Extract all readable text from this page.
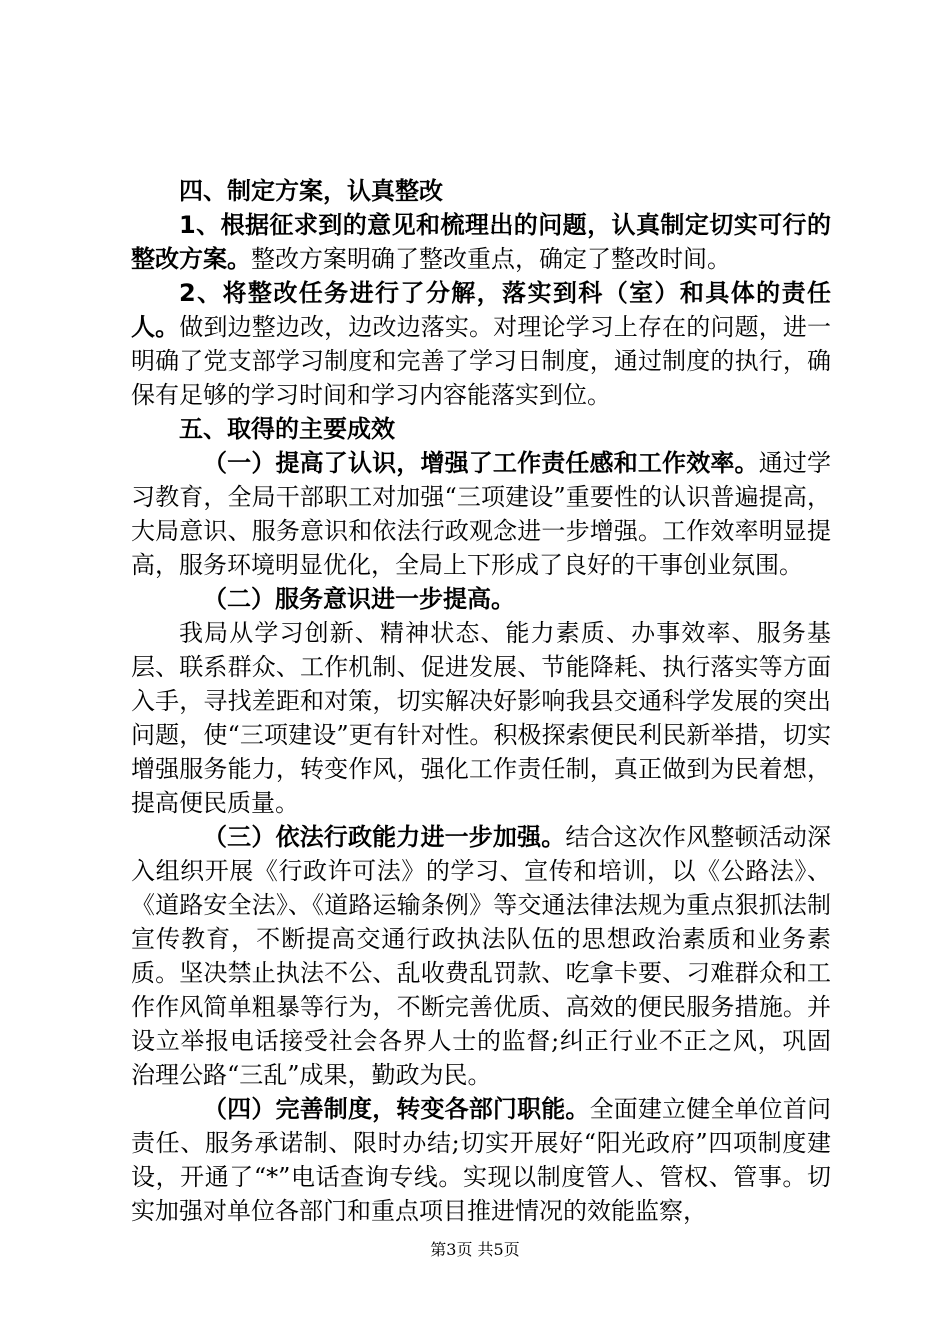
四、制定方案，认真整改

1、根据征求到的意见和梳理出的问题，认真制定切实可行的整改方案。整改方案明确了整改重点，确定了整改时间。

2、将整改任务进行了分解，落实到科（室）和具体的责任人。做到边整边改，边改边落实。对理论学习上存在的问题，进一明确了党支部学习制度和完善了学习日制度，通过制度的执行，确保有足够的学习时间和学习内容能落实到位。

五、取得的主要成效

（一）提高了认识，增强了工作责任感和工作效率。通过学习教育，全局干部职工对加强“三项建设”重要性的认识普遍提高，大局意识、服务意识和依法行政观念进一步增强。工作效率明显提高，服务环境明显优化，全局上下形成了良好的干事创业氛围。

（二）服务意识进一步提高。

我局从学习创新、精神状态、能力素质、办事效率、服务基层、联系群众、工作机制、促进发展、节能降耗、执行落实等方面入手，寻找差距和对策，切实解决好影响我县交通科学发展的突出问题，使“三项建设”更有针对性。积极探索便民利民新举措，切实增强服务能力，转变作风，强化工作责任制，真正做到为民着想，提高便民质量。

（三）依法行政能力进一步加强。结合这次作风整顿活动深入组织开展《行政许可法》的学习、宣传和培训，以《公路法》、《道路安全法》、《道路运输条例》等交通法律法规为重点狠抓法制宣传教育，不断提高交通行政执法队伍的思想政治素质和业务素质。坚决禁止执法不公、乱收费乱罚款、吃拿卡要、刁难群众和工作作风简单粗暴等行为，不断完善优质、高效的便民服务措施。并设立举报电话接受社会各界人士的监督;纠正行业不正之风，巩固治理公路“三乱”成果，勤政为民。

（四）完善制度，转变各部门职能。全面建立健全单位首问责任、服务承诺制、限时办结;切实开展好“阳光政府”四项制度建设，开通了“*”电话查询专线。实现以制度管人、管权、管事。切实加强对单位各部门和重点项目推进情况的效能监察，

第3页 共5页
